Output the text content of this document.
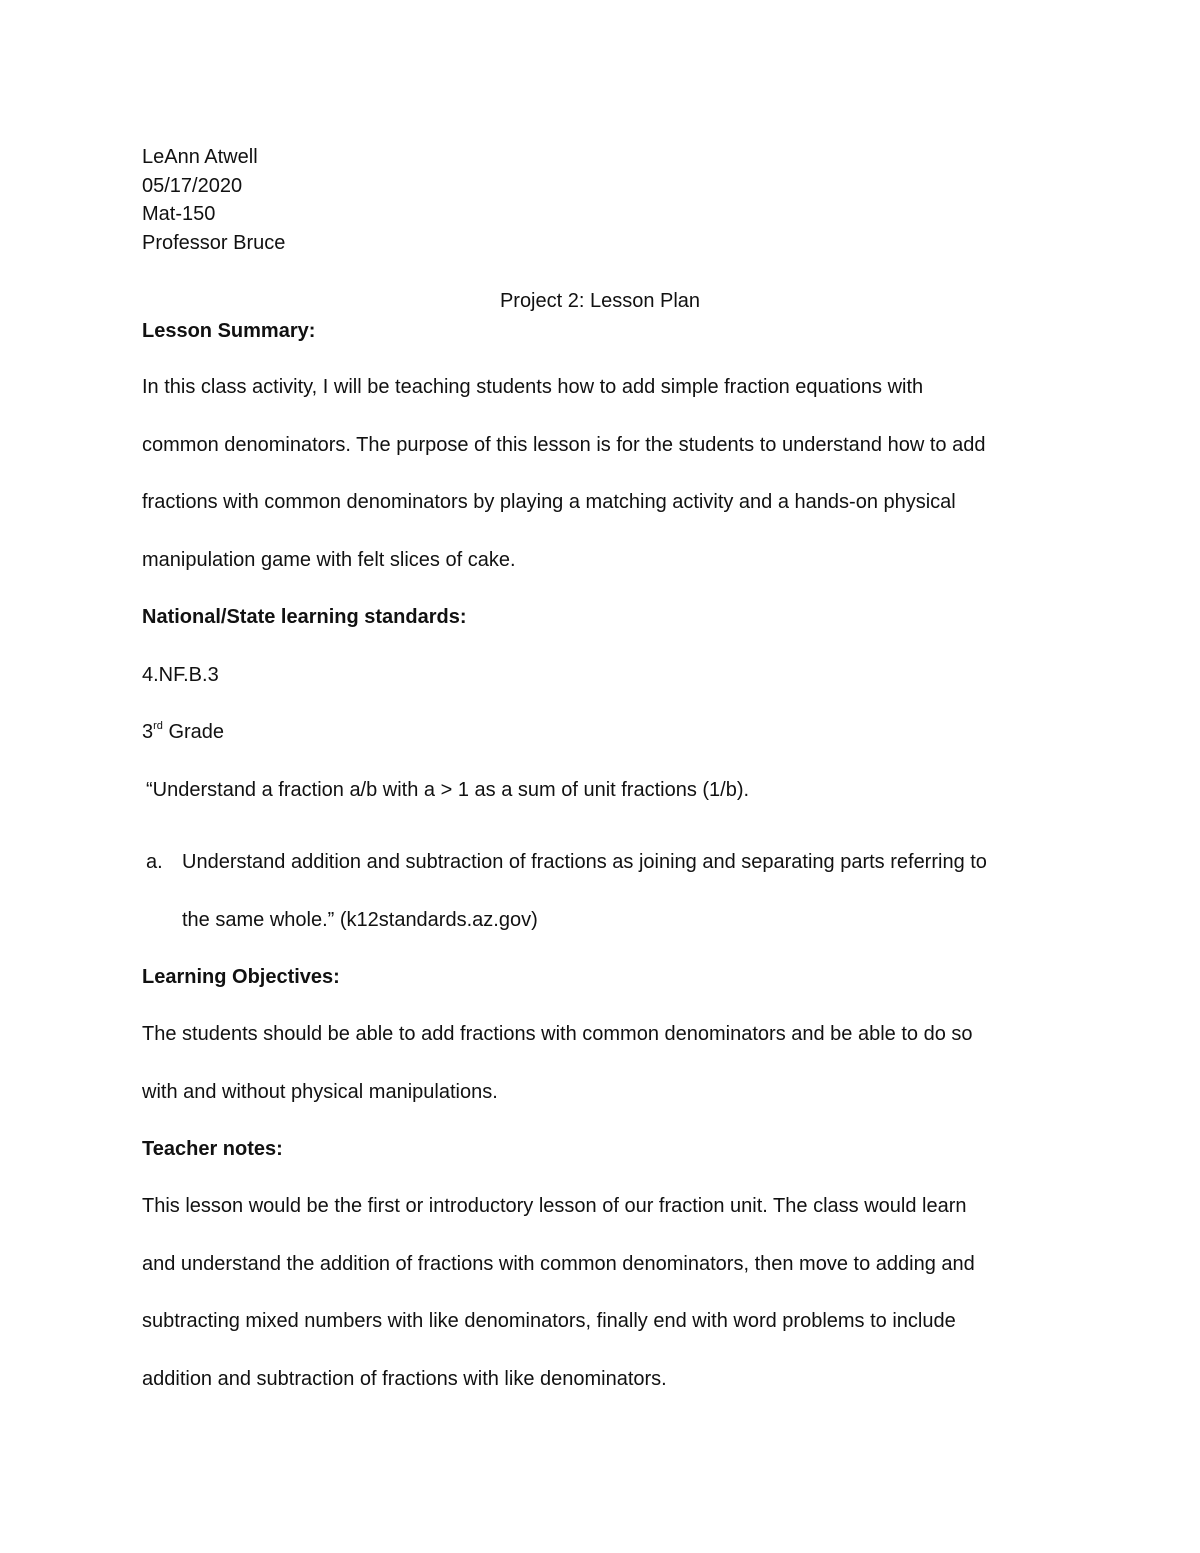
LeAnn Atwell
05/17/2020
Mat-150
Professor Bruce
Project 2: Lesson Plan
Lesson Summary:
In this class activity, I will be teaching students how to add simple fraction equations with
common denominators. The purpose of this lesson is for the students to understand how to add
fractions with common denominators by playing a matching activity and a hands-on physical
manipulation game with felt slices of cake.
National/State learning standards:
4.NF.B.3
3rd Grade
“Understand a fraction a/b with a > 1 as a sum of unit fractions (1/b).
a. Understand addition and subtraction of fractions as joining and separating parts referring to
the same whole.” (k12standards.az.gov)
Learning Objectives:
The students should be able to add fractions with common denominators and be able to do so
with and without physical manipulations.
Teacher notes:
This lesson would be the first or introductory lesson of our fraction unit. The class would learn
and understand the addition of fractions with common denominators, then move to adding and
subtracting mixed numbers with like denominators, finally end with word problems to include
addition and subtraction of fractions with like denominators.
